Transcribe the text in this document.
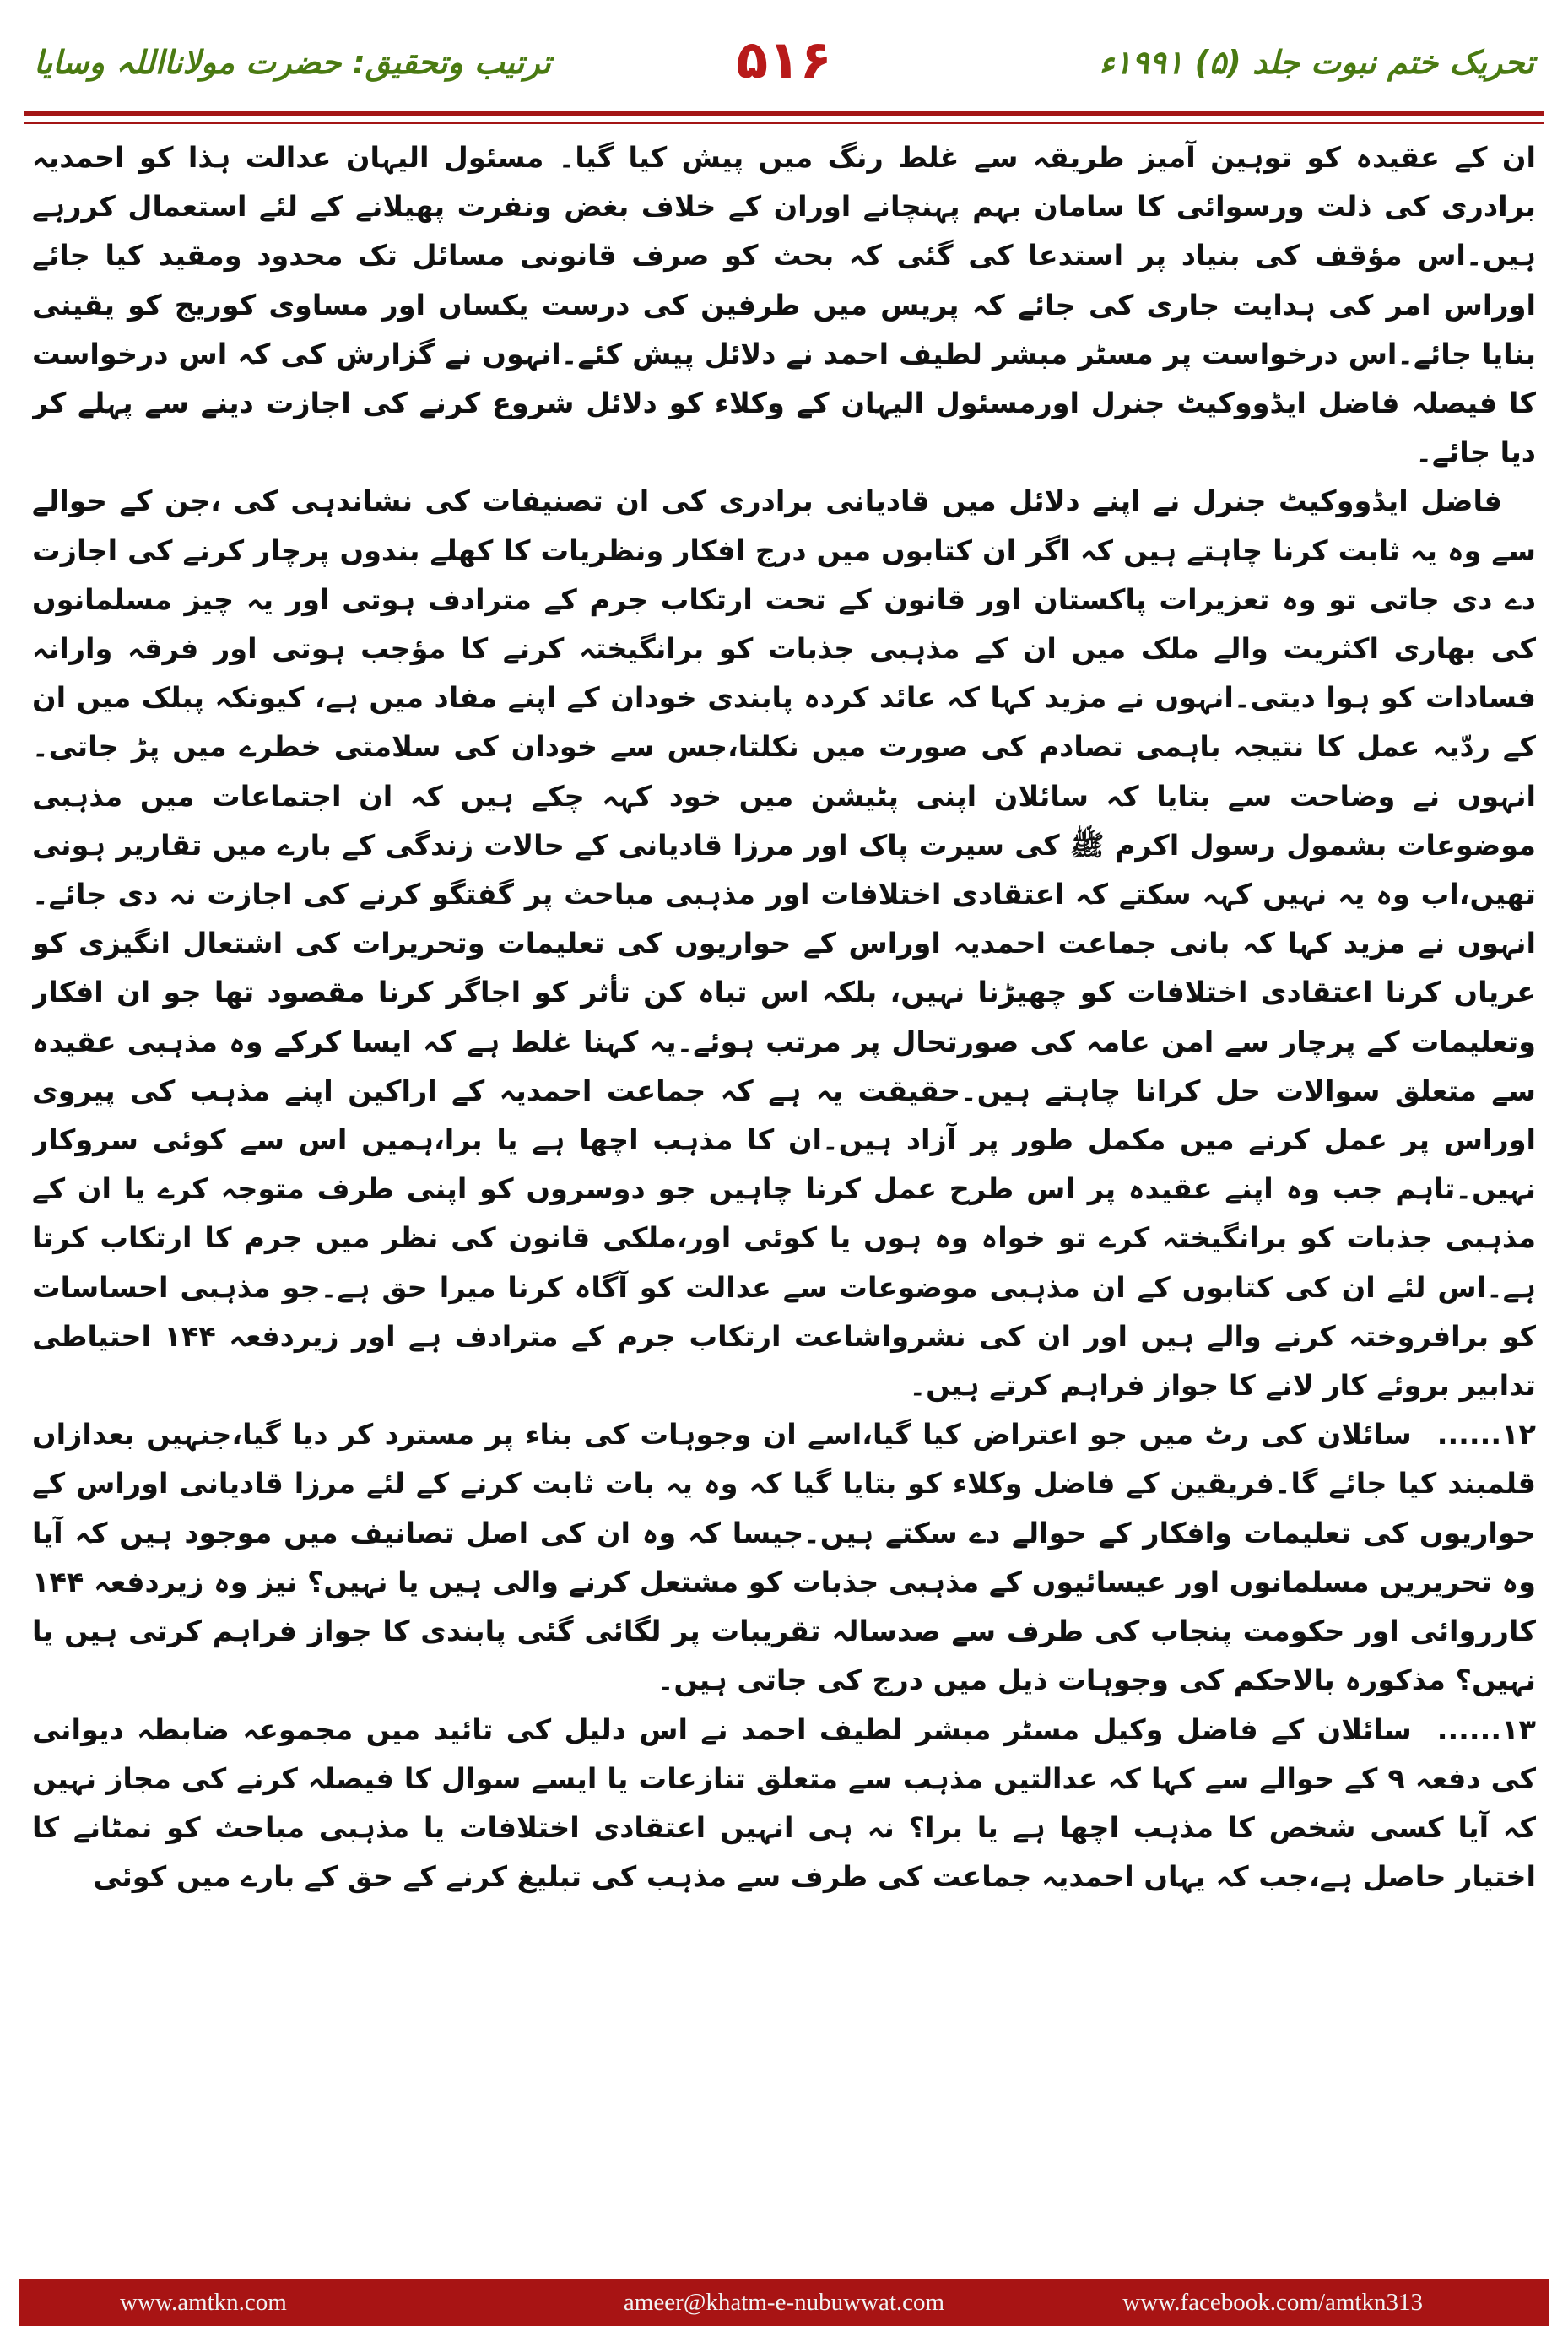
تحریک ختم نبوت جلد (۵) ۱۹۹۱ء
۵۱۶
ترتیب وتحقیق: حضرت مولانااللہ وسایا

ان کے عقیدہ کو توہین آمیز طریقہ سے غلط رنگ میں پیش کیا گیا۔ مسئول الیہان عدالت ہذا کو احمدیہ برادری کی ذلت ورسوائی کا سامان بہم پہنچانے اوران کے خلاف بغض ونفرت پھیلانے کے لئے استعمال کررہے ہیں۔اس مؤقف کی بنیاد پر استدعا کی گئی کہ بحث کو صرف قانونی مسائل تک محدود ومقید کیا جائے اوراس امر کی ہدایت جاری کی جائے کہ پریس میں طرفین کی درست یکساں اور مساوی کوریج کو یقینی بنایا جائے۔اس درخواست پر مسٹر مبشر لطیف احمد نے دلائل پیش کئے۔انہوں نے گزارش کی کہ اس درخواست کا فیصلہ فاضل ایڈووکیٹ جنرل اورمسئول الیہان کے وکلاء کو دلائل شروع کرنے کی اجازت دینے سے پہلے کر دیا جائے۔

فاضل ایڈووکیٹ جنرل نے اپنے دلائل میں قادیانی برادری کی ان تصنیفات کی نشاندہی کی ،جن کے حوالے سے وہ یہ ثابت کرنا چاہتے ہیں کہ اگر ان کتابوں میں درج افکار ونظریات کا کھلے بندوں پرچار کرنے کی اجازت دے دی جاتی تو وہ تعزیرات پاکستان اور قانون کے تحت ارتکاب جرم کے مترادف ہوتی اور یہ چیز مسلمانوں کی بھاری اکثریت والے ملک میں ان کے مذہبی جذبات کو برانگیختہ کرنے کا مؤجب ہوتی اور فرقہ وارانہ فسادات کو ہوا دیتی۔انہوں نے مزید کہا کہ عائد کردہ پابندی خودان کے اپنے مفاد میں ہے، کیونکہ پبلک میں ان کے ردّیہ عمل کا نتیجہ باہمی تصادم کی صورت میں نکلتا،جس سے خودان کی سلامتی خطرے میں پڑ جاتی۔انہوں نے وضاحت سے بتایا کہ سائلان اپنی پٹیشن میں خود کہہ چکے ہیں کہ ان اجتماعات میں مذہبی موضوعات بشمول رسول اکرم ﷺ کی سیرت پاک اور مرزا قادیانی کے حالات زندگی کے بارے میں تقاریر ہونی تھیں،اب وہ یہ نہیں کہہ سکتے کہ اعتقادی اختلافات اور مذہبی مباحث پر گفتگو کرنے کی اجازت نہ دی جائے۔انہوں نے مزید کہا کہ بانی جماعت احمدیہ اوراس کے حواریوں کی تعلیمات وتحریرات کی اشتعال انگیزی کو عریاں کرنا اعتقادی اختلافات کو چھیڑنا نہیں، بلکہ اس تباہ کن تأثر کو اجاگر کرنا مقصود تھا جو ان افکار وتعلیمات کے پرچار سے امن عامہ کی صورتحال پر مرتب ہوئے۔یہ کہنا غلط ہے کہ ایسا کرکے وہ مذہبی عقیدہ سے متعلق سوالات حل کرانا چاہتے ہیں۔حقیقت یہ ہے کہ جماعت احمدیہ کے اراکین اپنے مذہب کی پیروی اوراس پر عمل کرنے میں مکمل طور پر آزاد ہیں۔ان کا مذہب اچھا ہے یا برا،ہمیں اس سے کوئی سروکار نہیں۔تاہم جب وہ اپنے عقیدہ پر اس طرح عمل کرنا چاہیں جو دوسروں کو اپنی طرف متوجہ کرے یا ان کے مذہبی جذبات کو برانگیختہ کرے تو خواہ وہ ہوں یا کوئی اور،ملکی قانون کی نظر میں جرم کا ارتکاب کرتا ہے۔اس لئے ان کی کتابوں کے ان مذہبی موضوعات سے عدالت کو آگاہ کرنا میرا حق ہے۔جو مذہبی احساسات کو برافروختہ کرنے والے ہیں اور ان کی نشرواشاعت ارتکاب جرم کے مترادف ہے اور زیردفعہ ۱۴۴ احتیاطی تدابیر بروئے کار لانے کا جواز فراہم کرتے ہیں۔

۱۲......سائلان کی رٹ میں جو اعتراض کیا گیا،اسے ان وجوہات کی بناء پر مسترد کر دیا گیا،جنہیں بعدازاں قلمبند کیا جائے گا۔فریقین کے فاضل وکلاء کو بتایا گیا کہ وہ یہ بات ثابت کرنے کے لئے مرزا قادیانی اوراس کے حواریوں کی تعلیمات وافکار کے حوالے دے سکتے ہیں۔جیسا کہ وہ ان کی اصل تصانیف میں موجود ہیں کہ آیا وہ تحریریں مسلمانوں اور عیسائیوں کے مذہبی جذبات کو مشتعل کرنے والی ہیں یا نہیں؟ نیز وہ زیردفعہ ۱۴۴ کارروائی اور حکومت پنجاب کی طرف سے صدسالہ تقریبات پر لگائی گئی پابندی کا جواز فراہم کرتی ہیں یا نہیں؟ مذکورہ بالاحکم کی وجوہات ذیل میں درج کی جاتی ہیں۔

۱۳......سائلان کے فاضل وکیل مسٹر مبشر لطیف احمد نے اس دلیل کی تائید میں مجموعہ ضابطہ دیوانی کی دفعہ ۹ کے حوالے سے کہا کہ عدالتیں مذہب سے متعلق تنازعات یا ایسے سوال کا فیصلہ کرنے کی مجاز نہیں کہ آیا کسی شخص کا مذہب اچھا ہے یا برا؟ نہ ہی انہیں اعتقادی اختلافات یا مذہبی مباحث کو نمٹانے کا اختیار حاصل ہے،جب کہ یہاں احمدیہ جماعت کی طرف سے مذہب کی تبلیغ کرنے کے حق کے بارے میں کوئی

www.amtkn.com	ameer@khatm-e-nubuwwat.com	www.facebook.com/amtkn313
